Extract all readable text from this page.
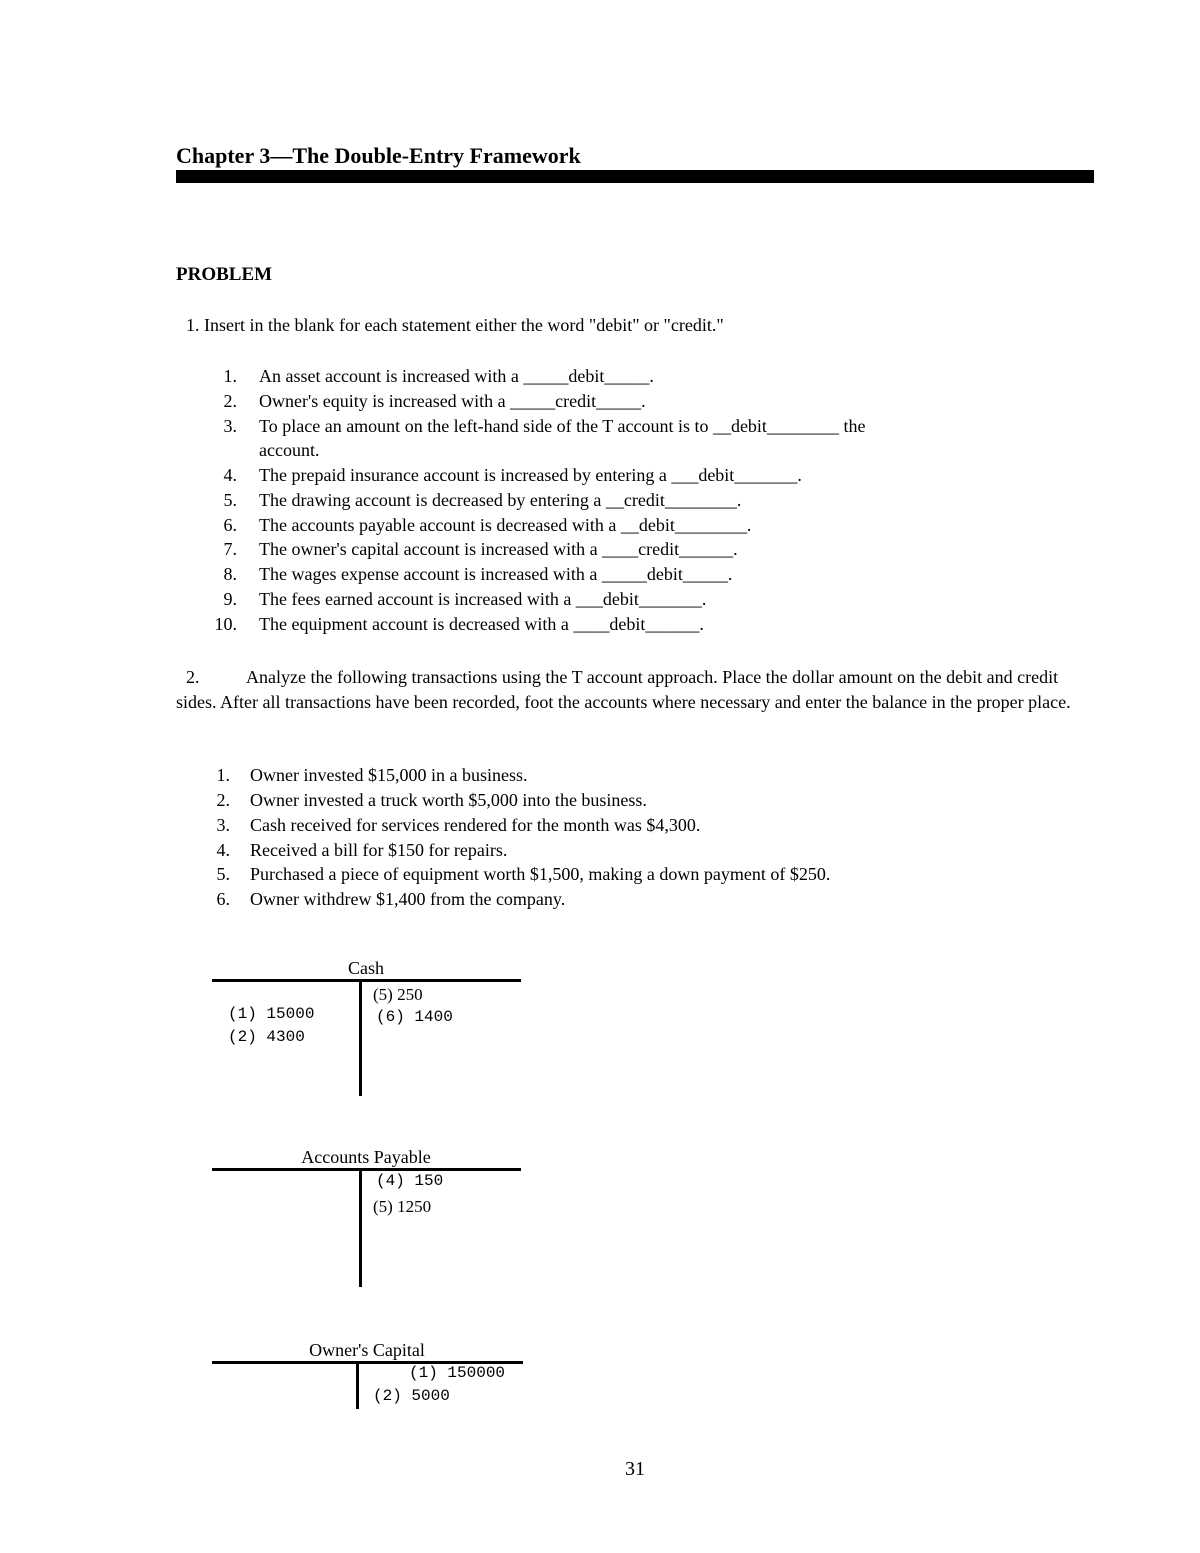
Chapter 3—The Double-Entry Framework
PROBLEM
1. Insert in the blank for each statement either the word "debit" or "credit."
1. An asset account is increased with a _____debit_____.
2. Owner's equity is increased with a _____credit_____.
3. To place an amount on the left-hand side of the T account is to __debit________ the
account.
4. The prepaid insurance account is increased by entering a ___debit_______.
5. The drawing account is decreased by entering a __credit________.
6. The accounts payable account is decreased with a __debit________.
7. The owner's capital account is increased with a ____credit______.
8. The wages expense account is increased with a _____debit_____.
9. The fees earned account is increased with a ___debit_______.
10. The equipment account is decreased with a ____debit______.
2.	Analyze the following transactions using the T account approach. Place the dollar amount on the debit and credit sides. After all transactions have been recorded, foot the accounts where necessary and enter the balance in the proper place.
1. Owner invested $15,000 in a business.
2. Owner invested a truck worth $5,000 into the business.
3. Cash received for services rendered for the month was $4,300.
4. Received a bill for $150 for repairs.
5. Purchased a piece of equipment worth $1,500, making a down payment of $250.
6. Owner withdrew $1,400 from the company.
Cash
(1) 15000
(2) 4300
(5) 250
(6) 1400
Accounts Payable
(4) 150
(5) 1250
Owner's Capital
(1) 150000
(2) 5000
31
